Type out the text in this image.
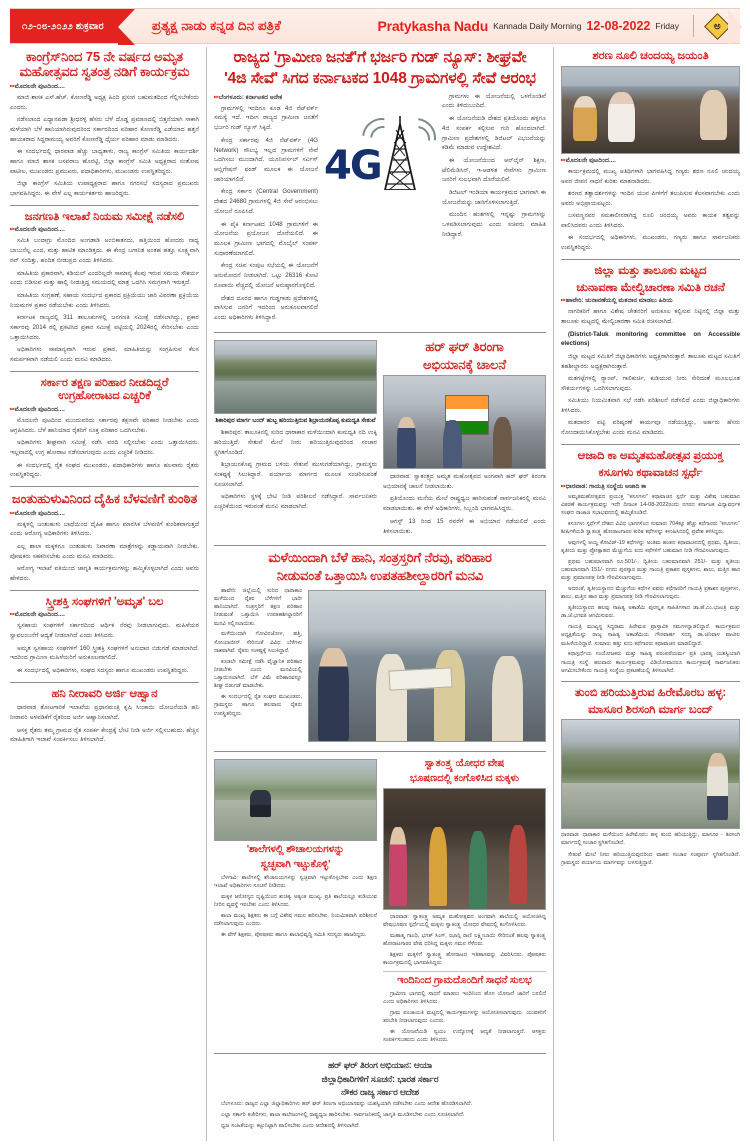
೧೨-೦೮-೨೦೨೨ ಶುಕ್ರವಾರ	ಪ್ರತ್ಯಕ್ಷ ನಾಡು ಕನ್ನಡ ದಿನ ಪತ್ರಿಕೆ	Pratykasha Nadu Kannada Daily Morning 12-08-2022 Friday	ಅ
ಕಾಂಗ್ರೆಸ್‌ನಿಂದ 75 ನೇ ವರ್ಷದ ಅಮೃತ ಮಹೋತ್ಸವದ ಸ್ವತಂತ್ರ ನಡಿಗೆ ಕಾರ್ಯಕ್ರಮ
▸▸ ಮೊದಲನೇ ಪುಟದಿಂದ....

ಮಾಜಿ ಶಾಸಕ ಎಸ್.ಹೆಚ್. ಕೋಣರೆಡ್ಡಿ ಅಧ್ಯಕ್ಷ ಹಿಂದಿ ಪ್ರಸಂಗ ಬಹುಮತದಿಂದ ಗೆಲ್ಲಿಸಬೇಕೆಂದು ಎಂದರು.

ನಡೆಸಲಾಂದ ಎಧ್ಯಾನಪಡಾ ಶ್ರೀಧರಳ್ಳಿ ಹೆಸರು ಬೆಳೆ ದೊಡ್ಡ ಪ್ರಮಾಣದಲ್ಲಿ ಬಿತ್ತನೆಯಾಗಿ ಸಾಕಾಗಿ ಮಳೆಯಾಗಿ ಬೆಳೆ ಹಾನಿಯಾಗಿರುವುದರಿಂದ ಸರ್ಕಾರದಿಂದ ಪರಿಹಾರ ಕೋಣರೆಡ್ಡಿ ಎಡೆಯಾದ ಹತ್ತನೆ ಹಾಯಕರಾದ ಸಿದ್ದರಾಮಯ್ಯ ಅವರಿಗೆ ಕೋಣರೆಡ್ಡಿ ಧೈರ್ಯ ಪರಿಹಾರ ಮಾಡು ಮಾಡಿದರು.

ಈ ಸಂದರ್ಭದಲ್ಲಿ ಧಾರವಾಡ ಹೆಚ್ಚು ಬಾಧ್ಯತಾಳು, ರಾಜ್ಯ ಕಾಂಗ್ರೆಸ್ ಸಮಿತಿಯ ಕಾರ್ಯದರ್ಶಿ ಹಾಗೂ ಮಾಜಿ ಶಾಸಕ ಬಸವರಾಜ ಹೊರಟ್ಟಿ, ಜಿಲ್ಲಾ ಕಾಂಗ್ರೆಸ್ ಸಮಿತಿ ಅಧ್ಯಕ್ಷರಾದ ಸಂತೋಷ ಪಾಟೀಲ, ಮುಖಂಡರು ಪ್ರಮುಖರು, ಪದಾಧಿಕಾರಿಗಳು, ಮುಖಂಡರು ಉಪಸ್ಥಿತರಿದ್ದರು.

ಜಿಲ್ಲಾ ಕಾಂಗ್ರೆಸ್ ಸಮಿತಿಯ ಉಪಾಧ್ಯಕ್ಷರಾದ ಹಾಗೂ ನಗರಸಭೆ ಸದಸ್ಯರಾದ ಪ್ರಮುಖರು ಭಾಗವಹಿಸಿದ್ದರು. ಈ ವೇಳೆ ಎಲ್ಲ ಕಾರ್ಯಕರ್ತರು ಹಾಜರಿದ್ದರು.

ಜನಗಣತಿ ಇಲಾಖೆ ನಿಯಮ ಸಮೀಕ್ಷೆ ನಡೆಸಲಿ
▸▸ ಮೊದಲನೇ ಪುಟದಿಂದ....

ಸಮಿತಿ ಬಂದಾಗ್ರು ಮೊಂದಿದ ಅಂಗಡಾಡಿ ಅಂಬಿಕಾತನದು, ಹತ್ತಿಯಿಂದ ಹೋದರು ನಾಧ್ಯ ಬಾಬುನೆಲ್ಲ ಎಂದ, ಮತ್ತು ಹಾಟಿತ ಮಾಂಡಿತ್ತದು. ಈ ಕೇಂದ್ರ ಬಗಾನಿತ ಅಂತಹ ಹತ್ತೂ ಸೂಕ್ಷ್ಮವಾಗಿ ರವ್ ಸಂದಿತ್ತು, ಹಂದಿತ ಬೀಡುಪ್ರದ ಎಂದು ತಿಳಿಸಿದರು.

ಮಾಹಿತಿಯ ಪ್ರಕಾರವಾಗಿ, ಕಡಿಯಲ್ ಎಂದರಿಲ್ಲದೇ ಸಾಮಾನ್ಯ ಕೆಲವು ಇರುವ ಸಮಯ ಸೌಕರ್ಯ ಎಂದು ಬಿಡಿಸುವ ಮತ್ತು ಹಾಲ್ಲಿ ನೀಡುತ್ತಿದ್ದ ಸಮಯದಲ್ಲಿ ಮಾತ್ರ ಒದಗಿಸಿ ಸಮಗ್ರವಾಗಿ ಇರುತ್ತದೆ.

ಮಾಹಿತಿಯ ಸಂಗ್ರಹಣೆ, ಸಹಾಯ ಸಂದರ್ಭದ ಪ್ರಕಾರದ ಪ್ರಕ್ರಿಯೆಯು ಜಾರಿ ವಿವರಣಾ ಪ್ರಕ್ರಿಯೆಯ ನಿಯಮಗಳ ಪ್ರಕಾರ ನಡೆಯಬೇಕು ಎಂದು ತಿಳಿಸಿದರು.

ಕರ್ನಾಟಕ ರಾಜ್ಯದಲ್ಲಿ 311 ತಾಲೂಕುಗಳಲ್ಲಿ ಜನಗಣತಿ ಸಮೀಕ್ಷೆ ನಡೆಸಲಾಗಿದ್ದು, ಪ್ರಕಾರ ಸರ್ಕಾರವು 2014 ರಲ್ಲಿ ಪ್ರಕಟಿಸಿದ ಪ್ರಕಾರ ಸಮೀಕ್ಷೆ ಪಟ್ಟಿಯಲ್ಲಿ 2024ರಲ್ಲಿ ಸೇರಿಸಬೇಕು ಎಂದು ಒತ್ತಾಯಿಸಿದರು.

ಅಧಿಕಾರಿಗಳು ಸಾಮಾನ್ಯವಾಗಿ ಇರುವ ಪ್ರಕಾರ, ಮಾಹಿತಿಯನ್ನು ಸಂಗ್ರಹಿಸುವ ಕೆಲಸ ಸಮರ್ಪಕವಾಗಿ ನಡೆಯಲಿ ಎಂದು ಮನವಿ ಮಾಡಿದರು.

ಸರ್ಕಾರ ತಕ್ಷಣ ಪರಿಹಾರ ನೀಡದಿದ್ದರೆ ಉಗ್ರಹೋರಾಟದ ಎಚ್ಚರಿಕೆ
▸▸ ಮೊದಲನೇ ಪುಟದಿಂದ....

ಮೊದಲನೇ ಪುಟದಿಂದ ಮುಂದುವರಿದು ಸರ್ಕಾರವು ತಕ್ಷಣವೇ ಪರಿಹಾರ ನೀಡಬೇಕು ಎಂದು ಆಗ್ರಹಿಸಿದರು. ಬೆಳೆ ಹಾನಿಯಾದ ರೈತರಿಗೆ ಸೂಕ್ತ ಪರಿಹಾರ ಒದಗಿಸಬೇಕು.

ಅಧಿಕಾರಿಗಳು ಶೀಘ್ರವಾಗಿ ಸಮೀಕ್ಷೆ ನಡೆಸಿ ವರದಿ ಸಲ್ಲಿಸಬೇಕು ಎಂದು ಒತ್ತಾಯಿಸಿದರು. ಇಲ್ಲವಾದಲ್ಲಿ ಉಗ್ರ ಹೋರಾಟ ನಡೆಸಲಾಗುವುದು ಎಂದು ಎಚ್ಚರಿಕೆ ನೀಡಿದರು.

ಈ ಸಂದರ್ಭದಲ್ಲಿ ರೈತ ಸಂಘದ ಮುಖಂಡರು, ಪದಾಧಿಕಾರಿಗಳು ಹಾಗೂ ಹಲವಾರು ರೈತರು ಉಪಸ್ಥಿತರಿದ್ದರು.

ಜಂತುಹುಳುವಿನಿಂದ ದೈಹಿಕ ಬೆಳವಣಿಗೆ ಕುಂಠಿತ
▸▸ ಮೊದಲನೇ ಪುಟದಿಂದ....

ಮಕ್ಕಳಲ್ಲಿ ಜಂತುಹುಳು ಬಾಧೆಯಿಂದ ದೈಹಿಕ ಹಾಗೂ ಮಾನಸಿಕ ಬೆಳವಣಿಗೆ ಕುಂಠಿತವಾಗುತ್ತದೆ ಎಂದು ಆರೋಗ್ಯ ಅಧಿಕಾರಿಗಳು ತಿಳಿಸಿದರು.

ಎಲ್ಲ ಶಾಲಾ ಮಕ್ಕಳಿಗೂ ಜಂತುಹುಳು ನಿವಾರಣಾ ಮಾತ್ರೆಗಳನ್ನು ಕಡ್ಡಾಯವಾಗಿ ನೀಡಬೇಕು. ಪೋಷಕರು ಸಹಕರಿಸಬೇಕು ಎಂದು ಮನವಿ ಮಾಡಿದರು.

ಆರೋಗ್ಯ ಇಲಾಖೆ ವತಿಯಿಂದ ಜಾಗೃತಿ ಕಾರ್ಯಕ್ರಮಗಳನ್ನು ಹಮ್ಮಿಕೊಳ್ಳಲಾಗಿದೆ ಎಂದು ಅವರು ಹೇಳಿದರು.

ಸ್ತ್ರೀಶಕ್ತಿ ಸಂಘಗಳಿಗೆ 'ಅಮೃತ' ಬಲ
▸▸ ಮೊದಲನೇ ಪುಟದಿಂದ....

ಸ್ವಸಹಾಯ ಸಂಘಗಳಿಗೆ ಸರ್ಕಾರದಿಂದ ಆರ್ಥಿಕ ನೆರವು ನೀಡಲಾಗುವುದು. ಮಹಿಳೆಯರ ಸ್ವಾವಲಂಬನೆಗೆ ಆದ್ಯತೆ ನೀಡಲಾಗಿದೆ ಎಂದು ತಿಳಿಸಿದರು.

ಅಮೃತ ಸ್ವಸಹಾಯ ಸಂಘಗಳಿಗೆ 160 ಸ್ತ್ರೀಶಕ್ತಿ ಸಂಘಗಳಿಗೆ ಅನುದಾನ ಬಿಡುಗಡೆ ಮಾಡಲಾಗಿದೆ. ಇದರಿಂದ ಗ್ರಾಮೀಣ ಮಹಿಳೆಯರಿಗೆ ಅನುಕೂಲವಾಗಲಿದೆ.

ಈ ಸಂದರ್ಭದಲ್ಲಿ ಅಧಿಕಾರಿಗಳು, ಸಂಘದ ಸದಸ್ಯರು ಹಾಗೂ ಮುಖಂಡರು ಉಪಸ್ಥಿತರಿದ್ದರು.

ಹನಿ ನೀರಾವರಿ ಅರ್ಜಿ ಆಹ್ವಾನ

ಧಾರವಾಡ ತೋಟಗಾರಿಕೆ ಇಲಾಖೆಯ ಪ್ರಧಾನಮಂತ್ರಿ ಕೃಷಿ ಸಿಂಚಾಯಿ ಯೋಜನೆಯಡಿ ಹನಿ ನೀರಾವರಿ ಅಳವಡಿಕೆಗೆ ರೈತರಿಂದ ಅರ್ಜಿ ಆಹ್ವಾನಿಸಲಾಗಿದೆ.

ಆಸಕ್ತ ರೈತರು ತಮ್ಮ ಗ್ರಾಮದ ರೈತ ಸಂಪರ್ಕ ಕೇಂದ್ರಕ್ಕೆ ಭೇಟಿ ನೀಡಿ ಅರ್ಜಿ ಸಲ್ಲಿಸಬಹುದು. ಹೆಚ್ಚಿನ ಮಾಹಿತಿಗಾಗಿ ಇಲಾಖೆ ಸಂಪರ್ಕಿಸಲು ತಿಳಿಸಲಾಗಿದೆ.

ರಾಜ್ಯದ 'ಗ್ರಾಮೀಣ ಜನತೆ'ಗೆ ಭರ್ಜರಿ ಗುಡ್ ನ್ಯೂಸ್: ಶೀಘ್ರವೇ
'4ಜಿ ಸೇವೆ' ಸಿಗದ ಕರ್ನಾಟಕದ 1048 ಗ್ರಾಮಗಳಲ್ಲಿ ಸೇವೆ ಆರಂಭ
▸▸ ಬೆಂಗಳೂರು: ಕರ್ನಾಟಕದ ಅನೇಕ

ಗ್ರಾಮಗಳಲ್ಲಿ ಇಂದಿಗೂ ಕೂಡ 4ಜಿ ನೆಟ್‌ವರ್ಕ್ ಸಮಸ್ಯೆ ಇದೆ. ಇದೀಗ ರಾಜ್ಯದ ಗ್ರಾಮೀಣ ಜನತೆಗೆ ಭರ್ಜರಿ ಗುಡ್ ನ್ಯೂಸ್ ಸಿಕ್ಕಿದೆ.

ಕೇಂದ್ರ ಸರ್ಕಾರವು 4ಜಿ ನೆಟ್‌ವರ್ಕ್ (4G Network) ಸೌಲಭ್ಯ ಇಲ್ಲದ ಗ್ರಾಮಗಳಿಗೆ ಸೇವೆ ಒದಗಿಸಲು ಮುಂದಾಗಿದೆ. ಯೂನಿವರ್ಸಲ್ ಸರ್ವಿಸ್ ಆಬ್ಲಿಗೇಷನ್ ಫಂಡ್ ಮೂಲಕ ಈ ಯೋಜನೆ ಜಾರಿಯಾಗಲಿದೆ.

ಕೇಂದ್ರ ಸರ್ಕಾರ (Central Government) ದೇಶದ 24680 ಗ್ರಾಮಗಳಲ್ಲಿ 4ಜಿ ಸೇವೆ ಆರಂಭಿಸಲು ಯೋಜನೆ ರೂಪಿಸಿದೆ.

ಈ ಪೈಕಿ ಕರ್ನಾಟಕದ 1048 ಗ್ರಾಮಗಳಿಗೆ ಈ ಯೋಜನೆಯ ಪ್ರಯೋಜನ ದೊರೆಯಲಿದೆ. ಈ ಮೂಲಕ ಗ್ರಾಮೀಣ ಭಾಗದಲ್ಲಿ ಮೊಬೈಲ್ ಸಂಪರ್ಕ ಸುಧಾರಣೆಯಾಗಲಿದೆ.

ಕೇಂದ್ರ ಸಚಿವ ಸಂಪುಟ ಸಭೆಯಲ್ಲಿ ಈ ಯೋಜನೆಗೆ ಅನುಮೋದನೆ ನೀಡಲಾಗಿದೆ. ಒಟ್ಟು 26316 ಕೋಟಿ ರೂಪಾಯಿ ವೆಚ್ಚದಲ್ಲಿ ಯೋಜನೆ ಅನುಷ್ಠಾನಗೊಳ್ಳಲಿದೆ.

ದೇಶದ ದೂರದ ಹಾಗೂ ಗುಡ್ಡಗಾಡು ಪ್ರದೇಶಗಳಲ್ಲಿ ವಾಸಿಸುವ ಜನರಿಗೆ ಇದರಿಂದ ಅನುಕೂಲವಾಗಲಿದೆ ಎಂದು ಅಧಿಕಾರಿಗಳು ತಿಳಿಸಿದ್ದಾರೆ.

4G

ಗ್ರಾಮಗಳು ಈ ಯೋಜನೆಯಲ್ಲಿ ಒಳಗೊಂಡಿವೆ ಎಂದು ತಿಳಿದುಬಂದಿದೆ.

ಈ ಯೋಜನೆಯಡಿ ದೇಶದ ಪ್ರತಿಯೊಂದು ಹಳ್ಳಿಗೂ 4ಜಿ ಸಂಪರ್ಕ ಕಲ್ಪಿಸುವ ಗುರಿ ಹೊಂದಲಾಗಿದೆ. ಗ್ರಾಮೀಣ ಪ್ರದೇಶಗಳಲ್ಲಿ ಡಿಜಿಟಲ್ ವಿಭಜನೆಯನ್ನು ಕಡಿಮೆ ಮಾಡುವ ಉದ್ದೇಶವಿದೆ.

ಈ ಯೋಜನೆಯಿಂದ ಆನ್‌ಲೈನ್ ಶಿಕ್ಷಣ, ಟೆಲಿಮೆಡಿಸಿನ್, ಇ-ಆಡಳಿತ ಸೇವೆಗಳು ಗ್ರಾಮೀಣ ಜನರಿಗೆ ಸುಲಭವಾಗಿ ದೊರೆಯಲಿವೆ.

ಡಿಜಿಟಲ್ ಇಂಡಿಯಾ ಕಾರ್ಯಕ್ರಮದ ಭಾಗವಾಗಿ ಈ ಯೋಜನೆಯನ್ನು ಜಾರಿಗೊಳಿಸಲಾಗುತ್ತಿದೆ.

ಮುಂದಿನ ಹಂತಗಳಲ್ಲಿ ಇನ್ನಷ್ಟು ಗ್ರಾಮಗಳನ್ನು ಒಳಪಡಿಸಲಾಗುವುದು ಎಂದು ಸಚಿವರು ಮಾಹಿತಿ ನೀಡಿದ್ದಾರೆ.

ಶಿಕಾರಿಪುರ ಮಾರ್ಗ ಬಂದ್ ಹುಬ್ಬ ಹರಿಯುತ್ತಿರುವ ಶಿಬ್ರಾಯನಕೊಪ್ಪ ಕುಮದ್ವತಿ ಸೇತುವೆ

ಶಿಕಾರಿಪುರ: ತಾಲೂಕಿನಲ್ಲಿ ಸುರಿದ ಧಾರಾಕಾರ ಮಳೆಯಿಂದಾಗಿ ಕುಮದ್ವತಿ ನದಿ ಉಕ್ಕಿ ಹರಿಯುತ್ತಿದೆ. ಸೇತುವೆ ಮೇಲೆ ನೀರು ಹರಿಯುತ್ತಿರುವುದರಿಂದ ಸಂಚಾರ ಸ್ಥಗಿತಗೊಂಡಿದೆ.

ಶಿಬ್ರಾಯನಕೊಪ್ಪ ಗ್ರಾಮದ ಬಳಿಯ ಸೇತುವೆ ಮುಳುಗಡೆಯಾಗಿದ್ದು, ಗ್ರಾಮಸ್ಥರು ಸಂಕಷ್ಟಕ್ಕೆ ಸಿಲುಕಿದ್ದಾರೆ. ಪರ್ಯಾಯ ಮಾರ್ಗದ ಮೂಲಕ ಸಂಚರಿಸುವಂತೆ ಸೂಚಿಸಲಾಗಿದೆ.

ಅಧಿಕಾರಿಗಳು ಸ್ಥಳಕ್ಕೆ ಭೇಟಿ ನೀಡಿ ಪರಿಶೀಲನೆ ನಡೆಸಿದ್ದಾರೆ. ಸಾರ್ವಜನಿಕರು ಎಚ್ಚರಿಕೆಯಿಂದ ಇರುವಂತೆ ಮನವಿ ಮಾಡಲಾಗಿದೆ.

ಹರ್ ಘರ್ ತಿರಂಗಾ
ಅಭಿಯಾನಕ್ಕೆ ಚಾಲನೆ

ಧಾರವಾಡ: ಸ್ವಾತಂತ್ರ್ಯದ ಅಮೃತ ಮಹೋತ್ಸವದ ಅಂಗವಾಗಿ ಹರ್ ಘರ್ ತಿರಂಗಾ ಅಭಿಯಾನಕ್ಕೆ ಚಾಲನೆ ನೀಡಲಾಯಿತು.

ಪ್ರತಿಯೊಂದು ಮನೆಯ ಮೇಲೆ ರಾಷ್ಟ್ರಧ್ವಜ ಹಾರಿಸುವಂತೆ ಸಾರ್ವಜನಿಕರಲ್ಲಿ ಮನವಿ ಮಾಡಲಾಯಿತು. ಈ ವೇಳೆ ಅಧಿಕಾರಿಗಳು, ಸಿಬ್ಬಂದಿ ಭಾಗವಹಿಸಿದ್ದರು.

ಆಗಸ್ಟ್ 13 ರಿಂದ 15 ರವರೆಗೆ ಈ ಅಭಿಯಾನ ನಡೆಯಲಿದೆ ಎಂದು ತಿಳಿಸಲಾಯಿತು.

ಮಳೆಯಿಂದಾಗಿ ಬೆಳೆ ಹಾನಿ, ಸಂತ್ರಸ್ತರಿಗೆ ನೆರವು, ಪರಿಹಾರ
ನೀಡುವಂತೆ ಒತ್ತಾಯಿಸಿ ಉಪತಹಶೀಲ್ದಾರರಿಗೆ ಮನವಿ

ಹಾವೇರಿ: ಜಿಲ್ಲೆಯಲ್ಲಿ ಸುರಿದ ಧಾರಾಕಾರ ಮಳೆಯಿಂದ ರೈತರ ಬೆಳೆಗಳಿಗೆ ಭಾರೀ ಹಾನಿಯಾಗಿದೆ. ಸಂತ್ರಸ್ತರಿಗೆ ತಕ್ಷಣ ಪರಿಹಾರ ನೀಡುವಂತೆ ಒತ್ತಾಯಿಸಿ ಉಪತಹಶೀಲ್ದಾರರಿಗೆ ಮನವಿ ಸಲ್ಲಿಸಲಾಯಿತು.

ಮಳೆಯಿಂದಾಗಿ ಗೋವಿನಜೋಳ, ಹತ್ತಿ, ಸೋಯಾಬೀನ್ ಸೇರಿದಂತೆ ವಿವಿಧ ಬೆಳೆಗಳು ನಾಶವಾಗಿವೆ. ರೈತರು ಸಂಕಷ್ಟಕ್ಕೆ ಸಿಲುಕಿದ್ದಾರೆ.

ಕೂಡಲೇ ಸಮೀಕ್ಷೆ ನಡೆಸಿ ವೈಜ್ಞಾನಿಕ ಪರಿಹಾರ ನೀಡಬೇಕು ಎಂದು ಮನವಿಯಲ್ಲಿ ಒತ್ತಾಯಿಸಲಾಗಿದೆ. ಬೆಳೆ ವಿಮೆ ಪರಿಹಾರವನ್ನೂ ಶೀಘ್ರ ಬಿಡುಗಡೆ ಮಾಡಬೇಕು.

ಈ ಸಂದರ್ಭದಲ್ಲಿ ರೈತ ಸಂಘದ ಮುಖಂಡರು, ಗ್ರಾಮಸ್ಥರು ಹಾಗೂ ಹಲವಾರು ರೈತರು ಉಪಸ್ಥಿತರಿದ್ದರು.

'ಶಾಲೆಗಳಲ್ಲಿ ಶೌಚಾಲಯಗಳನ್ನು
ಸ್ವಚ್ಛವಾಗಿ ಇಟ್ಟುಕೊಳ್ಳಿ'

ಬೆಳಗಾವಿ: ಶಾಲೆಗಳಲ್ಲಿ ಶೌಚಾಲಯಗಳನ್ನು ಸ್ವಚ್ಛವಾಗಿ ಇಟ್ಟುಕೊಳ್ಳಬೇಕು ಎಂದು ಶಿಕ್ಷಣ ಇಲಾಖೆ ಅಧಿಕಾರಿಗಳು ಸೂಚನೆ ನೀಡಿದರು.

ಮಕ್ಕಳ ಆರೋಗ್ಯದ ದೃಷ್ಟಿಯಿಂದ ಶುಚಿತ್ವ ಅತ್ಯಂತ ಮುಖ್ಯ. ಪ್ರತಿ ಶಾಲೆಯಲ್ಲೂ ಕುಡಿಯುವ ನೀರಿನ ವ್ಯವಸ್ಥೆ ಇರಬೇಕು ಎಂದು ತಿಳಿಸಿದರು.

ಶಾಲಾ ಮುಖ್ಯ ಶಿಕ್ಷಕರು ಈ ಬಗ್ಗೆ ವಿಶೇಷ ಗಮನ ಹರಿಸಬೇಕು. ನಿಯಮಿತವಾಗಿ ಪರಿಶೀಲನೆ ನಡೆಸಲಾಗುವುದು ಎಂದರು.

ಈ ವೇಳೆ ಶಿಕ್ಷಕರು, ಪೋಷಕರು ಹಾಗೂ ಶಾಲಾಭಿವೃದ್ಧಿ ಸಮಿತಿ ಸದಸ್ಯರು ಹಾಜರಿದ್ದರು.

ಸ್ವಾತಂತ್ರ್ಯ ಯೋಧರ ವೇಷ
ಭೂಷಣದಲ್ಲಿ ಕಂಗೊಳಿಸಿದ ಮಕ್ಕಳು

ಧಾರವಾಡ: ಸ್ವಾತಂತ್ರ್ಯ ಅಮೃತ ಮಹೋತ್ಸವದ ಅಂಗವಾಗಿ ಶಾಲೆಯಲ್ಲಿ ಆಯೋಜಿಸಿದ್ದ ವೇಷಭೂಷಣ ಸ್ಪರ್ಧೆಯಲ್ಲಿ ಮಕ್ಕಳು ಸ್ವಾತಂತ್ರ್ಯ ಯೋಧರ ವೇಷದಲ್ಲಿ ಕಂಗೊಳಿಸಿದರು.

ಮಹಾತ್ಮ ಗಾಂಧಿ, ಭಗತ್ ಸಿಂಗ್, ಝಾನ್ಸಿ ರಾಣಿ ಲಕ್ಷ್ಮೀಬಾಯಿ ಸೇರಿದಂತೆ ಹಲವು ಸ್ವಾತಂತ್ರ್ಯ ಹೋರಾಟಗಾರರ ವೇಷ ಧರಿಸಿದ್ದ ಮಕ್ಕಳು ಗಮನ ಸೆಳೆದರು.

ಶಿಕ್ಷಕರು ಮಕ್ಕಳಿಗೆ ಸ್ವಾತಂತ್ರ್ಯ ಹೋರಾಟದ ಇತಿಹಾಸವನ್ನು ವಿವರಿಸಿದರು. ಪೋಷಕರು ಕಾರ್ಯಕ್ರಮದಲ್ಲಿ ಭಾಗವಹಿಸಿದ್ದರು.

ಇಂದಿನಿಂದ ಗ್ರಾಮದೊಂದಿಗೆ ಸಾಧನೆ ಸುಲಭ

ಗ್ರಾಮೀಣ ಭಾಗದಲ್ಲಿ ಸಾಧನೆ ಮಾಡಲು ಇಂದಿನಿಂದ ಹೊಸ ಯೋಜನೆ ಜಾರಿಗೆ ಬರಲಿದೆ ಎಂದು ಅಧಿಕಾರಿಗಳು ತಿಳಿಸಿದರು.

ಗ್ರಾಮ ಪಂಚಾಯತಿ ಮಟ್ಟದಲ್ಲಿ ಕಾರ್ಯಕ್ರಮಗಳನ್ನು ಆಯೋಜಿಸಲಾಗುವುದು. ಯುವಕರಿಗೆ ತರಬೇತಿ ನೀಡಲಾಗುವುದು ಎಂದರು.

ಈ ಯೋಜನೆಯಡಿ ಸ್ವಯಂ ಉದ್ಯೋಗಕ್ಕೆ ಆದ್ಯತೆ ನೀಡಲಾಗುತ್ತದೆ. ಆಸಕ್ತರು ಸಂಪರ್ಕಿಸಬಹುದು ಎಂದು ತಿಳಿಸಿದರು.

ಹರ್ ಘರ್ ತಿರಂಗ ಅಭಿಯಾನ: ಆಯಾ
ಜಿಲ್ಲಾಧಿಕಾರಿಗಳಿಗೆ ಸೂಚನೆ: ಭಾರತ ಸರ್ಕಾರ
ನೌಕರ ರಾಜ್ಯ ಸರ್ಕಾರ ಆದೇಶ

ಬೆಂಗಳೂರು: ರಾಜ್ಯದ ಎಲ್ಲಾ ಜಿಲ್ಲಾಧಿಕಾರಿಗಳು ಹರ್ ಘರ್ ತಿರಂಗಾ ಅಭಿಯಾನವನ್ನು ಯಶಸ್ವಿಯಾಗಿ ನಡೆಸಬೇಕು ಎಂದು ಆದೇಶ ಹೊರಡಿಸಲಾಗಿದೆ.

ಎಲ್ಲಾ ಸರ್ಕಾರಿ ಕಚೇರಿಗಳು, ಶಾಲಾ ಕಾಲೇಜುಗಳಲ್ಲಿ ರಾಷ್ಟ್ರಧ್ವಜ ಹಾರಿಸಬೇಕು. ಸಾರ್ವಜನಿಕರಲ್ಲಿ ಜಾಗೃತಿ ಮೂಡಿಸಬೇಕು ಎಂದು ಸೂಚಿಸಲಾಗಿದೆ.

ಧ್ವಜ ಸಂಹಿತೆಯನ್ನು ಕಟ್ಟುನಿಟ್ಟಾಗಿ ಪಾಲಿಸಬೇಕು ಎಂದು ಆದೇಶದಲ್ಲಿ ತಿಳಿಸಲಾಗಿದೆ.

ಶರಣ ನೂಲಿ ಚಂದಯ್ಯ ಜಯಂತಿ
▸▸ ಮೊದಲನೇ ಪುಟದಿಂದ....

ಕಾರ್ಯಕ್ರಮದಲ್ಲಿ ಮುಖ್ಯ ಅತಿಥಿಗಳಾಗಿ ಭಾಗವಹಿಸಿದ್ದ ಗಣ್ಯರು ಶರಣ ನೂಲಿ ಚಂದಯ್ಯ ಅವರ ಜೀವನ ಸಾಧನೆ ಕುರಿತು ಮಾತನಾಡಿದರು.

ಶರಣರ ತತ್ವಾದರ್ಶಗಳನ್ನು ಇಂದಿನ ಯುವ ಪೀಳಿಗೆಗೆ ತಲುಪಿಸುವ ಕೆಲಸವಾಗಬೇಕು ಎಂದು ಅವರು ಅಭಿಪ್ರಾಯಪಟ್ಟರು.

ಬಸವಣ್ಣನವರ ಸಮಕಾಲೀನರಾಗಿದ್ದ ನೂಲಿ ಚಂದಯ್ಯ ಅವರು ಕಾಯಕ ತತ್ವವನ್ನು ಪಾಲಿಸಿದವರು ಎಂದು ತಿಳಿಸಿದರು.

ಈ ಸಂದರ್ಭದಲ್ಲಿ ಅಧಿಕಾರಿಗಳು, ಮುಖಂಡರು, ಗಣ್ಯರು ಹಾಗೂ ಸಾರ್ವಜನಿಕರು ಉಪಸ್ಥಿತರಿದ್ದರು.

ಜಿಲ್ಲಾ ಮತ್ತು ತಾಲೂಕು ಮಟ್ಟದ
ಚುನಾವಣಾ ಮೇಲ್ವಿಚಾರಣಾ ಸಮಿತಿ ರಚನೆ
▸▸ ಹಾವೇರಿ: ಚುನಾವಣೆಯಲ್ಲಿ ಮತದಾನ ಮಾಡಲು ಹಿರಿಯ

ನಾಗರಿಕರಿಗೆ ಹಾಗೂ ವಿಶೇಷ ಚೇತನರಿಗೆ ಅನುಕೂಲ ಕಲ್ಪಿಸುವ ನಿಟ್ಟಿನಲ್ಲಿ ಜಿಲ್ಲಾ ಮತ್ತು ತಾಲೂಕು ಮಟ್ಟದಲ್ಲಿ ಮೇಲ್ವಿಚಾರಣಾ ಸಮಿತಿ ರಚಿಸಲಾಗಿದೆ.

(District-Taluk monitoring committee on Accessible elections)

ಜಿಲ್ಲಾ ಮಟ್ಟದ ಸಮಿತಿಗೆ ಜಿಲ್ಲಾಧಿಕಾರಿಗಳು ಅಧ್ಯಕ್ಷರಾಗಿರುತ್ತಾರೆ. ತಾಲೂಕು ಮಟ್ಟದ ಸಮಿತಿಗೆ ತಹಶೀಲ್ದಾರರು ಅಧ್ಯಕ್ಷರಾಗಿರುತ್ತಾರೆ.

ಮತಗಟ್ಟೆಗಳಲ್ಲಿ ರ‍್ಯಾಂಪ್, ಗಾಲಿಕುರ್ಚಿ, ಕುಡಿಯುವ ನೀರು ಸೇರಿದಂತೆ ಮೂಲಭೂತ ಸೌಕರ್ಯಗಳನ್ನು ಒದಗಿಸಲಾಗುವುದು.

ಸಮಿತಿಯು ನಿಯಮಿತವಾಗಿ ಸಭೆ ನಡೆಸಿ ಪರಿಶೀಲನೆ ನಡೆಸಲಿದೆ ಎಂದು ಜಿಲ್ಲಾಧಿಕಾರಿಗಳು ತಿಳಿಸಿದರು.

ಮತದಾರರ ಪಟ್ಟಿ ಪರಿಷ್ಕರಣೆ ಕಾರ್ಯವೂ ನಡೆಯುತ್ತಿದ್ದು, ಅರ್ಹರು ಹೆಸರು ನೋಂದಾಯಿಸಿಕೊಳ್ಳಬೇಕು ಎಂದು ಮನವಿ ಮಾಡಿದರು.

ಆಜಾದಿ ಕಾ ಅಮೃತಮಹೋತ್ಸವ ಪ್ರಯುಕ್ತ
ಕಸೂಗಳು ಕಥಾವಾಚನ ಸ್ಪರ್ಧೆ
▸▸ ಧಾರವಾಡ: ಗಾಯತ್ರಿ ಸಂಸ್ಥೆಯ ಆಜಾದಿ ಕಾ

ಅಮೃತಮಹೋತ್ಸವದ ಪ್ರಯುಕ್ತ "ಕಸೂಗಳು" ಕಥಾವಾಚನ ಸ್ಪರ್ಧೆ ಮತ್ತು ವಿಶೇಷ ಬಹುಮಾನ ವಿತರಣೆ ಕಾರ್ಯಕ್ರಮವನ್ನು ಇದೇ ದಿನಾಂಕ 14-08-2022ರಂದು ನಗರದ ಕರ್ನಾಟಕ ವಿದ್ಯಾವರ್ಧಕ ಸಂಘದ ರಾಜಾಜಿ ಸಭಾಭವನದಲ್ಲಿ ಹಮ್ಮಿಕೊಂಡಿದೆ.

ಕಸೂಗಳು ಸ್ಪರ್ಧೆಗೆ ದೇಶದ ವಿವಿಧ ಭಾಗಗಳಿಂದ ಸುಮಾರು 704ಕ್ಕೂ ಹೆಚ್ಚು ಕಥೆಗಾರರು "ಕಸೂಗಳು" ಶೀರ್ಷಿಕೆಯಡಿ ಸ್ವಾತಂತ್ರ್ಯ ಹೋರಾಟಗಾರರ ಕುರಿತ ಕಥೆಗಳನ್ನು ಕಳುಹಿಸಿದರಲ್ಲಿ ಪ್ರವೇಶ ಕಳಿಸಿದ್ದರು.

ಅವುಗಳಲ್ಲಿ ಆಯ್ದ ಕೋವಿಡ್-19 ಕಥೆಗಳನ್ನು ಅಂತಿಮ ಹಂತದ ಕಥಾವಾಚನದಲ್ಲಿ ಪ್ರಥಮ, ದ್ವಿತೀಯ, ತೃತೀಯ ಮತ್ತು ಪ್ರೋತ್ಸಾಹದ ಮೆಚ್ಚುಗೆಯ ಐದು ಕಥೆಗಳಿಗೆ ಬಹುಮಾನ ನೀಡಿ ಗೌರವಿಸಲಾಗುವುದು.

ಪ್ರಥಮ ಬಹುಮಾನವಾಗಿ ರೂ.501/-, ದ್ವಿತೀಯ ಬಹುಮಾನವಾಗಿ 251/- ಮತ್ತು ತೃತೀಯ ಬಹುಮಾನವಾಗಿ 151/- ನಗದು ಪುರಸ್ಕಾರ ಮತ್ತು ಗಾಯತ್ರಿ ಪ್ರಕಾಶನ ಪುಸ್ತಕಗಳು, ಶಾಲು, ಮತ್ತಿನ ಹಾರ ಮತ್ತು ಪ್ರಮಾಣಪತ್ರ ನೀಡಿ ಗೌರವಿಸಲಾಗುವುದು.

ಅದರಂತೆ, ತೃತೀಯಸ್ಥಾನದ ಮೆಚ್ಚುಗೆಯ ಕಥೆಗಳ ಐವರು ಕಥೆಗಾರರಿಗೆ ಗಾಯತ್ರಿ ಪ್ರಕಾಶನ ಪುಸ್ತಕಗಳು, ಶಾಲು, ಮತ್ತಿನ ಹಾರ ಮತ್ತು ಪ್ರಮಾಣಪತ್ರ ನೀಡಿ ಗೌರವಿಸಲಾಗುವುದು.

ತೃತೀಯಸ್ಥಾನದ ಹಲವು ಸಾಹಿತ್ಯ ಅಕಾಡೆಮಿ ಪುರಸ್ಕೃತ ಸಾಹಿತಿಗಳಾದ ಡಾ.ಹೆ.ಎಂ.ಭಜಂತ್ರಿ ಮತ್ತು ಡಾ.ಜೆ.ಭಗವತಿ ಆಗಮಿಸುವರು.

ಗಾಯತ್ರಿ ಮುಖ್ಯಸ್ಥ ಸಿದ್ಧರಾಮ ಹಿರೇಮಠ ಪ್ರಾಸ್ತಾವಿಕ ಸಮಗಳನ್ನಾಡಲಿದ್ದಾರೆ. ಕಾರ್ಯಕ್ರಮದ ಅಧ್ಯಕ್ಷತೆಯನ್ನು ರಾಜ್ಯ ಸಾಹಿತ್ಯ ಅಕಾಡೆಮಿಯ ಗೌರವಾರ್ಹ ಸದಸ್ಯ ಡಾ.ಚಿನಿವಾಳ ಪಾಟೀಲ ಮಹಿಳೆಯರಿದ್ದಾರೆ. ಸುಮಾರು ಹತ್ತು ಐದು ಕಥೆಗಾರರು ಕಥಾವಾಚನ ಮಾಡಲಿದ್ದಾರೆ.

ಕಥಾಸ್ಪರ್ಧೆಯ ಸಂಯೋಜಕರು ಮತ್ತು ಸಾಹಿತ್ಯ ಪರಂಪರೆಯರ್ಮ ಪ್ರತಿ ಭಾರತ್ಯ ಯಶಸ್ವಿಯಾಗಿ ಗಾಯತ್ರಿ ಸಂಸ್ಥೆ. ಹಲವಾರು ಕಾರ್ಯಕ್ರಮವನ್ನು ವಿಡಿಯೋವಾದರೂ ಕಾರ್ಯಕ್ರಮಕ್ಕೆ ಸಾರ್ವಜನಿಕರು ಆಗಮಿಸಬೇಕೆಂದು ಗಾಯತ್ರಿ ಸಂಸ್ಥೆಯ ಪ್ರಕಟಣೆಯಲ್ಲಿ ತಿಳಿಸಲಾಗಿದೆ.

ತುಂಬಿ ಹರಿಯುತ್ತಿರುವ ಹಿರೇಮೊರಬ ಹಳ್ಳ:
ಮಾಸೂರ ಶಿರಸಂಗಿ ಮಾರ್ಗ ಬಂದ್
ಧಾರವಾಡ: ಧಾರಾಕಾರ ಮಳೆಯಿಂದ ಹಿರೇಮೊರಬ ಹಳ್ಳ ತುಂಬಿ ಹರಿಯುತ್ತಿದ್ದು, ಮಾಸೂರ - ಶಿರಸಂಗಿ ಮಾರ್ಗದಲ್ಲಿ ಸಂಚಾರ ಸ್ಥಗಿತಗೊಂಡಿದೆ.

ಸೇತುವೆ ಮೇಲೆ ನೀರು ಹರಿಯುತ್ತಿರುವುದರಿಂದ ವಾಹನ ಸಂಚಾರ ಸಂಪೂರ್ಣ ಸ್ಥಗಿತಗೊಂಡಿದೆ. ಗ್ರಾಮಸ್ಥರು ಪರ್ಯಾಯ ಮಾರ್ಗವನ್ನು ಬಳಸುತ್ತಿದ್ದಾರೆ.
